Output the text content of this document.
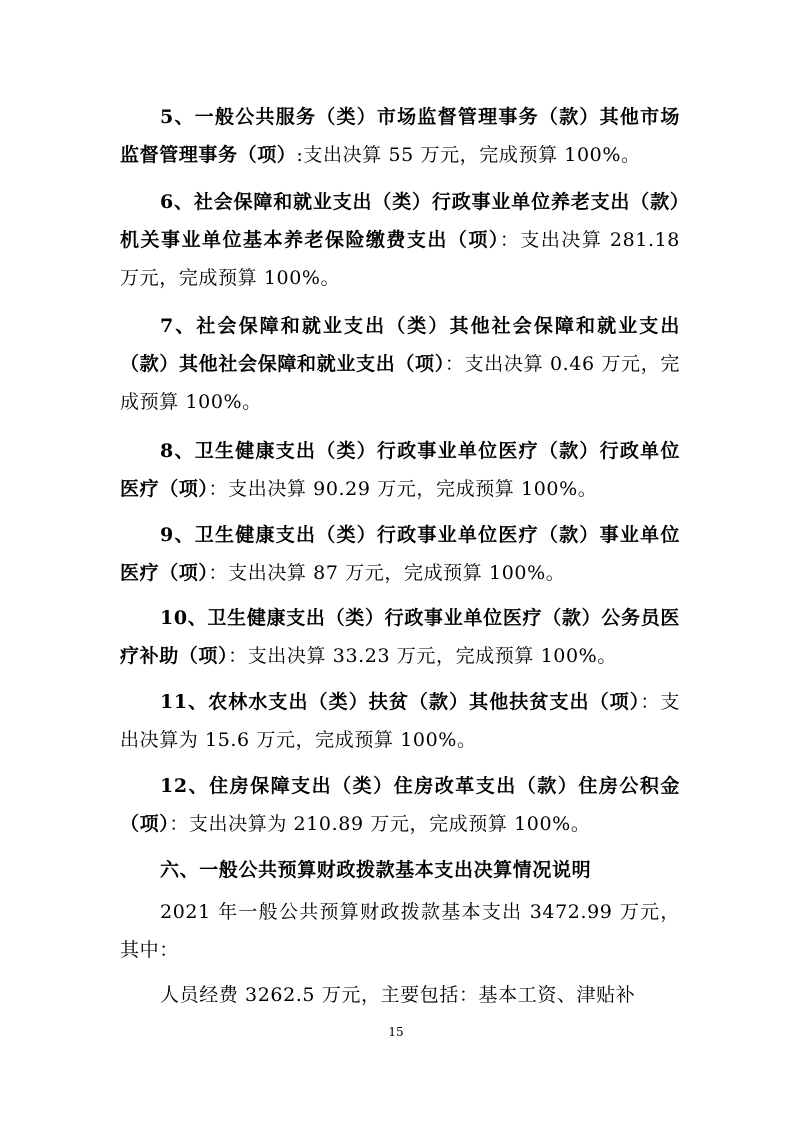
5、一般公共服务（类）市场监督管理事务（款）其他市场监督管理事务（项）:支出决算 55 万元，完成预算 100%。

6、社会保障和就业支出（类）行政事业单位养老支出（款）机关事业单位基本养老保险缴费支出（项）：支出决算 281.18 万元，完成预算 100%。

7、社会保障和就业支出（类）其他社会保障和就业支出（款）其他社会保障和就业支出（项）：支出决算 0.46 万元，完成预算 100%。

8、卫生健康支出（类）行政事业单位医疗（款）行政单位医疗（项）：支出决算 90.29 万元，完成预算 100%。

9、卫生健康支出（类）行政事业单位医疗（款）事业单位医疗（项）：支出决算 87 万元，完成预算 100%。

10、卫生健康支出（类）行政事业单位医疗（款）公务员医疗补助（项）：支出决算 33.23 万元，完成预算 100%。

11、农林水支出（类）扶贫（款）其他扶贫支出（项）：支出决算为 15.6 万元，完成预算 100%。

12、住房保障支出（类）住房改革支出（款）住房公积金（项）：支出决算为 210.89 万元，完成预算 100%。

六、一般公共预算财政拨款基本支出决算情况说明

2021 年一般公共预算财政拨款基本支出 3472.99 万元，其中：

人员经费 3262.5 万元，主要包括：基本工资、津贴补

15
